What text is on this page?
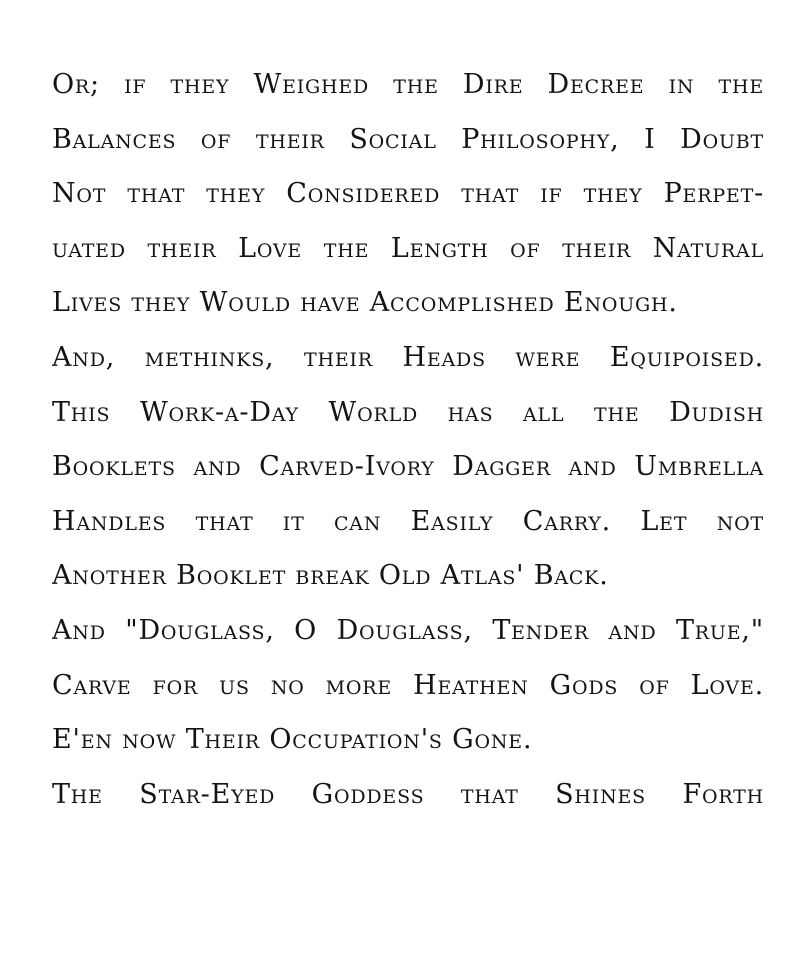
Or; if they Weighed the Dire Decree in the
Balances of their Social Philosophy, I Doubt
Not that they Considered that if they Perpet-
uated their Love the Length of their Natural
Lives they Would have Accomplished Enough.
And, methinks, their Heads were Equipoised.
This Work-a-Day World has all the Dudish
Booklets and Carved-Ivory Dagger and Umbrella
Handles that it can Easily Carry. Let not
Another Booklet break Old Atlas' Back.
And "Douglass, O Douglass, Tender and True,"
Carve for us no more Heathen Gods of Love.
E'en now Their Occupation's Gone.
The Star-Eyed Goddess that Shines Forth
